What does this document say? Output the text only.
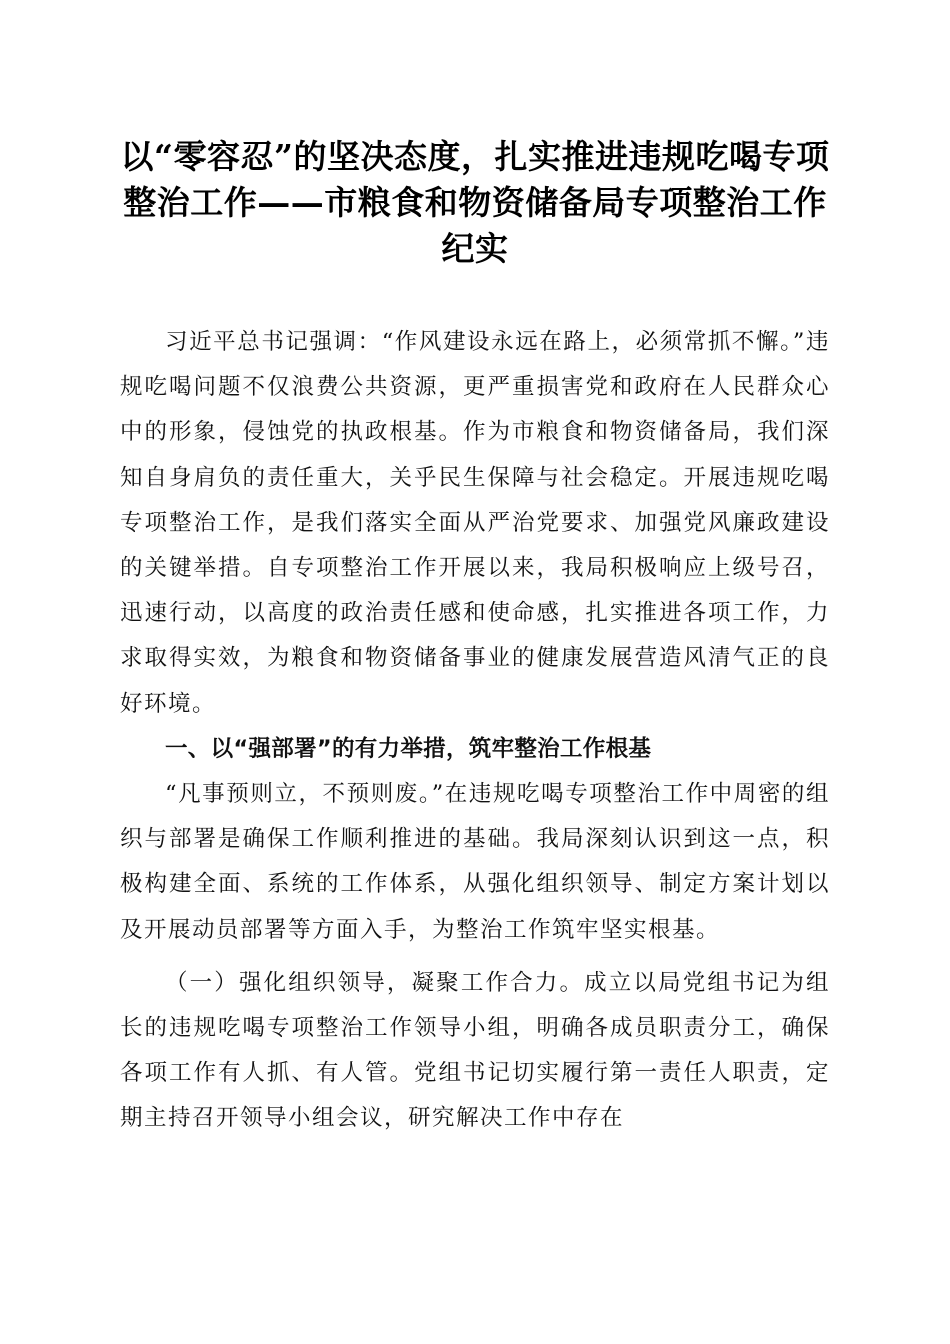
以“零容忍”的坚决态度，扎实推进违规吃喝专项整治工作——市粮食和物资储备局专项整治工作纪实

习近平总书记强调：“作风建设永远在路上，必须常抓不懈。”违规吃喝问题不仅浪费公共资源，更严重损害党和政府在人民群众心中的形象，侵蚀党的执政根基。作为市粮食和物资储备局，我们深知自身肩负的责任重大，关乎民生保障与社会稳定。开展违规吃喝专项整治工作，是我们落实全面从严治党要求、加强党风廉政建设的关键举措。自专项整治工作开展以来，我局积极响应上级号召，迅速行动，以高度的政治责任感和使命感，扎实推进各项工作，力求取得实效，为粮食和物资储备事业的健康发展营造风清气正的良好环境。

一、以“强部署”的有力举措，筑牢整治工作根基

“凡事预则立，不预则废。”在违规吃喝专项整治工作中周密的组织与部署是确保工作顺利推进的基础。我局深刻认识到这一点，积极构建全面、系统的工作体系，从强化组织领导、制定方案计划以及开展动员部署等方面入手，为整治工作筑牢坚实根基。

（一）强化组织领导，凝聚工作合力。成立以局党组书记为组长的违规吃喝专项整治工作领导小组，明确各成员职责分工，确保各项工作有人抓、有人管。党组书记切实履行第一责任人职责，定期主持召开领导小组会议，研究解决工作中存在
